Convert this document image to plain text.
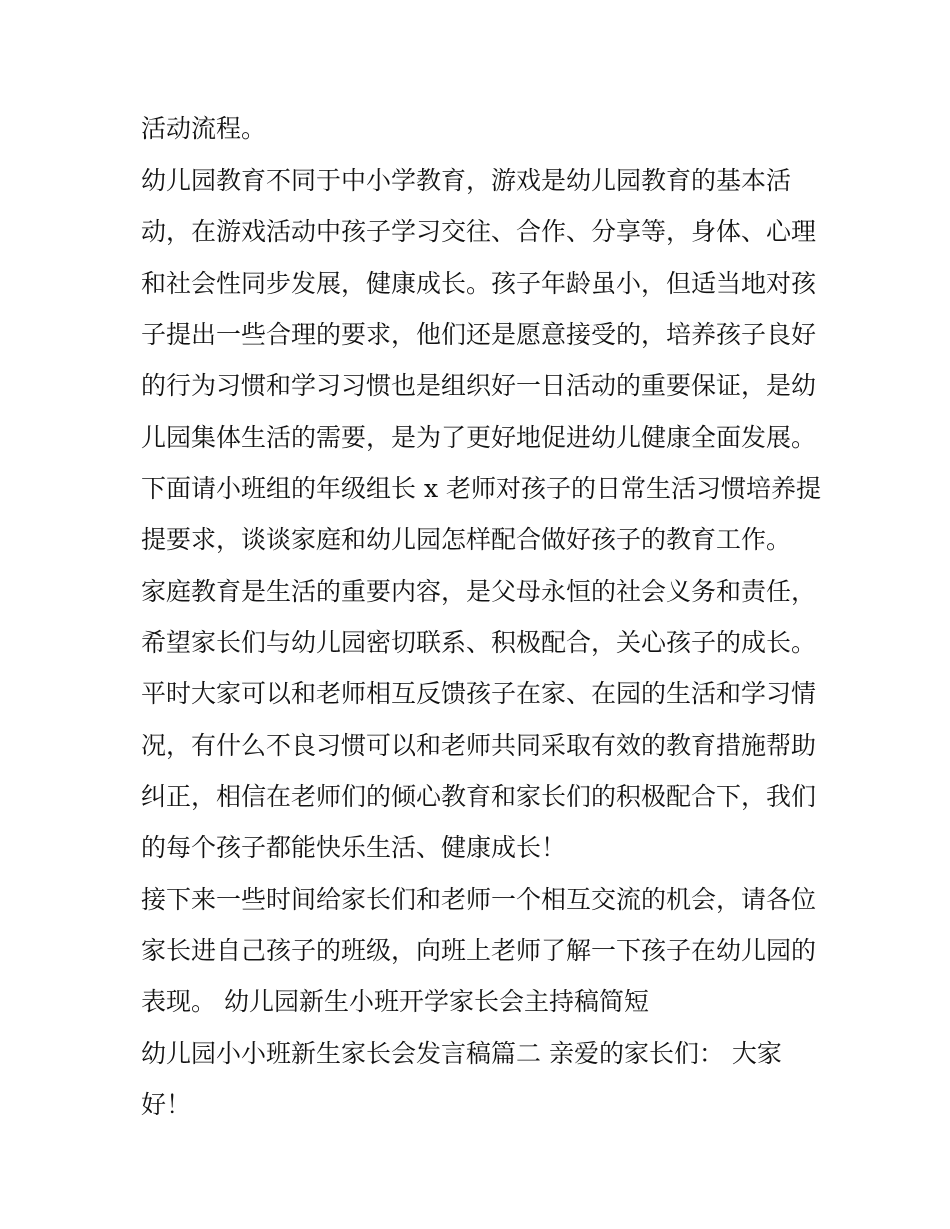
活动流程。

幼儿园教育不同于中小学教育，游戏是幼儿园教育的基本活

动，在游戏活动中孩子学习交往、合作、分享等，身体、心理

和社会性同步发展，健康成长。孩子年龄虽小，但适当地对孩

子提出一些合理的要求，他们还是愿意接受的，培养孩子良好

的行为习惯和学习习惯也是组织好一日活动的重要保证，是幼

儿园集体生活的需要，是为了更好地促进幼儿健康全面发展。

下面请小班组的年级组长 x 老师对孩子的日常生活习惯培养提

提要求，谈谈家庭和幼儿园怎样配合做好孩子的教育工作。

家庭教育是生活的重要内容，是父母永恒的社会义务和责任，

希望家长们与幼儿园密切联系、积极配合，关心孩子的成长。

平时大家可以和老师相互反馈孩子在家、在园的生活和学习情

况，有什么不良习惯可以和老师共同采取有效的教育措施帮助

纠正，相信在老师们的倾心教育和家长们的积极配合下，我们

的每个孩子都能快乐生活、健康成长！

接下来一些时间给家长们和老师一个相互交流的机会，请各位

家长进自己孩子的班级，向班上老师了解一下孩子在幼儿园的

表现。 幼儿园新生小班开学家长会主持稿简短

幼儿园小小班新生家长会发言稿篇二 亲爱的家长们： 大家

好！
